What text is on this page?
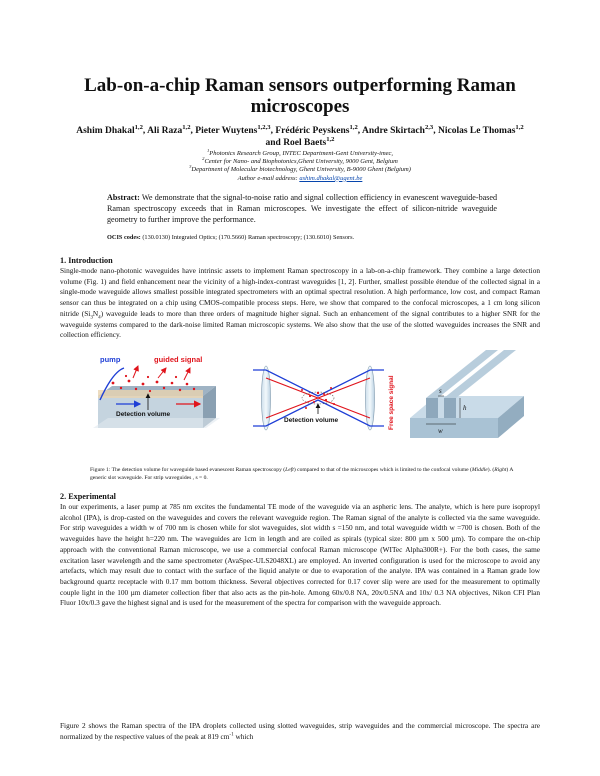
Lab-on-a-chip Raman sensors outperforming Raman microscopes
Ashim Dhakal$^{1,2}$, Ali Raza$^{1,2}$, Pieter Wuytens$^{1,2,3}$, Frédéric Peyskens$^{1,2}$, Andre Skirtach$^{2,3}$, Nicolas Le Thomas$^{1,2}$ and Roel Baets$^{1,2}$
$^1$Photonics Research Group, INTEC Department-Gent University-imec,
$^2$Center for Nano- and Biophotonics,Ghent University, 9000 Gent, Belgium
$^3$Department of Molecular biotechnology, Ghent University, B-9000 Ghent (Belgium)
Author e-mail address: ashim.dhakal@ugent.be
Abstract: We demonstrate that the signal-to-noise ratio and signal collection efficiency in evanescent waveguide-based Raman spectroscopy exceeds that in Raman microscopes. We investigate the effect of silicon-nitride waveguide geometry to further improve the performance.
OCIS codes: (130.0130) Integrated Optics; (170.5660) Raman spectroscopy; (130.6010) Sensors.
1. Introduction
Single-mode nano-photonic waveguides have intrinsic assets to implement Raman spectroscopy in a lab-on-a-chip framework. They combine a large detection volume (Fig. 1) and field enhancement near the vicinity of a high-index-contrast waveguides [1, 2]. Further, smallest possible étendue of the collected signal in a single-mode waveguide allows smallest possible integrated spectrometers with an optimal spectral resolution. A high performance, low cost, and compact Raman sensor can thus be integrated on a chip using CMOS-compatible process steps. Here, we show that compared to the confocal microscopes, a 1 cm long silicon nitride $(Si_3N_4)$ waveguide leads to more than three orders of magnitude higher signal. Such an enhancement of the signal contributes to a higher SNR for the waveguide systems compared to the dark-noise limited Raman microscopic systems. We also show that the use of the slotted waveguides increases the SNR and collection efficiency.
pump	guided signal
Detection volume
Detection volume	Free space signal	s
h
w
Figure 1: The detection volume for waveguide based evanescent Raman spectroscopy (Left) compared to that of the microscopes which is limited to the confocal volume (Middle). (Right) A generic slot waveguide. For strip waveguides , s = 0.
2. Experimental
In our experiments, a laser pump at 785 nm excites the fundamental TE mode of the waveguide via an aspheric lens. The analyte, which is here pure isopropyl alcohol (IPA), is drop-casted on the waveguides and covers the relevant waveguide region. The Raman signal of the analyte is collected via the same waveguide. For strip waveguides a width w of 700 nm is chosen while for slot waveguides, slot width s =150 nm, and total waveguide width w =700 is chosen. Both of the waveguides have the height h=220 nm. The waveguides are 1cm in length and are coiled as spirals (typical size: 800 µm x 500 µm). To compare the on-chip approach with the conventional Raman microscope, we use a commercial confocal Raman microscope (WITec Alpha300R+). For the both cases, the same excitation laser wavelength and the same spectrometer (AvaSpec-ULS2048XL) are employed. An inverted configuration is used for the microscope to avoid any artefacts, which may result due to contact with the surface of the liquid analyte or due to evaporation of the analyte. IPA was contained in a Raman grade low background quartz receptacle with 0.17 mm bottom thickness. Several objectives corrected for 0.17 cover slip were are used for the measurement to optimally couple light in the 100 µm diameter collection fiber that also acts as the pin-hole. Among 60x/0.8 NA, 20x/0.5NA and 10x/ 0.3 NA objectives, Nikon CFI Plan Fluor 10x/0.3 gave the highest signal and is used for the measurement of the spectra for comparison with the waveguide approach.
Figure 2 shows the Raman spectra of the IPA droplets collected using slotted waveguides, strip waveguides and the commercial microscope. The spectra are normalized by the respective values of the peak at 819 $cm^{-1}$ which
